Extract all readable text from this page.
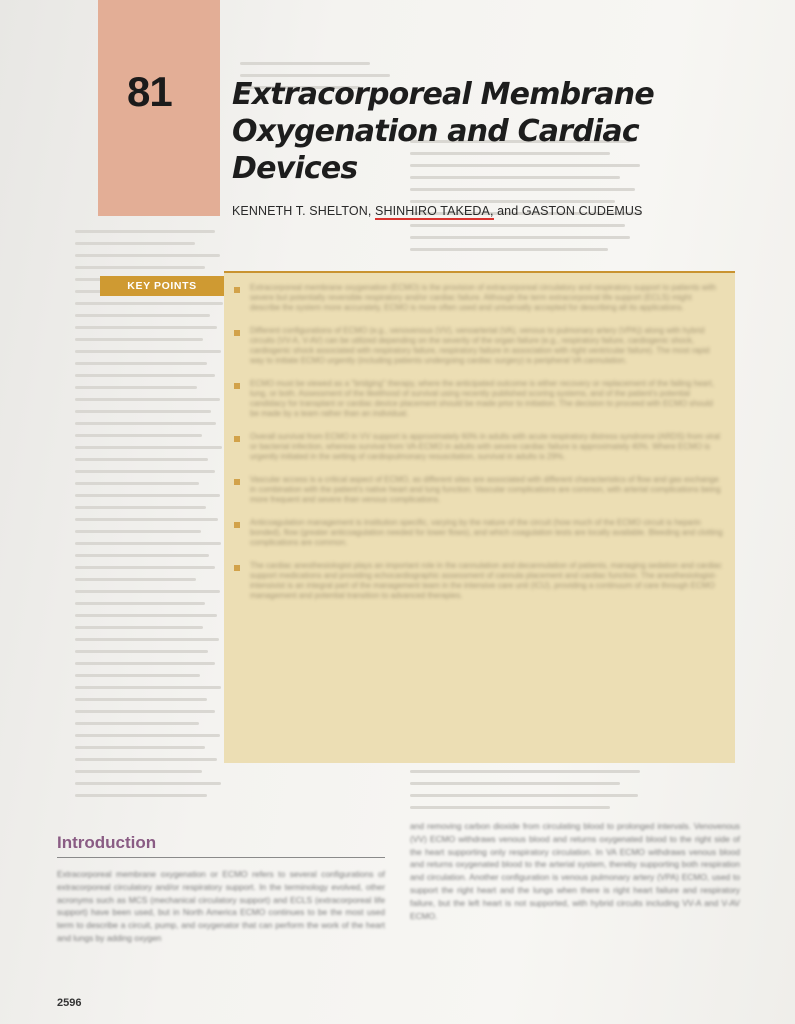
81	Extracorporeal Membrane Oxygenation and Cardiac Devices
KENNETH T. SHELTON, SHINHIRO TAKEDA, and GASTON CUDEMUS
KEY POINTS	Extracorporeal membrane oxygenation (ECMO) is the provision of extracorporeal circulatory and respiratory support to patients with severe but potentially reversible respiratory and/or cardiac failure. Although the term extracorporeal life support (ECLS) might describe the system more accurately, ECMO is more often used and universally accepted for describing all its applications.
Different configurations of ECMO (e.g., venovenous (VV), venoarterial (VA), venous to pulmonary artery (VPA)) along with hybrid circuits (VV-A, V-AV) can be utilized depending on the severity of the organ failure (e.g., respiratory failure, cardiogenic shock, cardiogenic shock associated with respiratory failure, respiratory failure in association with right ventricular failure). The most rapid way to initiate ECMO urgently (including patients undergoing cardiac surgery) is peripheral VA cannulation.
ECMO must be viewed as a "bridging" therapy, where the anticipated outcome is either recovery or replacement of the failing heart, lung, or both. Assessment of the likelihood of survival using recently published scoring systems, and of the patient's potential candidacy for transplant or cardiac device placement should be made prior to initiation. The decision to proceed with ECMO should be made by a team rather than an individual.
Overall survival from ECMO in VV support is approximately 60% in adults with acute respiratory distress syndrome (ARDS) from viral or bacterial infection, whereas survival from VA-ECMO in adults with severe cardiac failure is approximately 40%. Where ECMO is urgently initiated in the setting of cardiopulmonary resuscitation, survival in adults is 29%.
Vascular access is a critical aspect of ECMO, as different sites are associated with different characteristics of flow and gas exchange in combination with the patient's native heart and lung function. Vascular complications are common, with arterial complications being more frequent and severe than venous complications.
Anticoagulation management is institution specific, varying by the nature of the circuit (how much of the ECMO circuit is heparin bonded), flow (greater anticoagulation needed for lower flows), and which coagulation tests are locally available. Bleeding and clotting complications are common.
The cardiac anesthesiologist plays an important role in the cannulation and decannulation of patients, managing sedation and cardiac support medications and providing echocardiographic assessment of cannula placement and cardiac function. The anesthesiologist-intensivist is an integral part of the management team in the intensive care unit (ICU), providing a continuum of care through ECMO management and potential transition to advanced therapies.
Introduction
Extracorporeal membrane oxygenation or ECMO refers to several configurations of extracorporeal circulatory and/or respiratory support. In the terminology evolved, other acronyms such as MCS (mechanical circulatory support) and ECLS (extracorporeal life support) have been used, but in North America ECMO continues to be the most used term to describe a circuit, pump, and oxygenator that can perform the work of the heart and lungs by adding oxygen
and removing carbon dioxide from circulating blood to prolonged intervals. Venovenous (VV) ECMO withdraws venous blood and returns oxygenated blood to the right side of the heart supporting only respiratory circulation. In VA ECMO withdraws venous blood and returns oxygenated blood to the arterial system, thereby supporting both respiration and circulation. Another configuration is venous pulmonary artery (VPA) ECMO, used to support the right heart and the lungs when there is right heart failure and respiratory failure, but the left heart is not supported, with hybrid circuits including VV-A and V-AV ECMO.
2596
